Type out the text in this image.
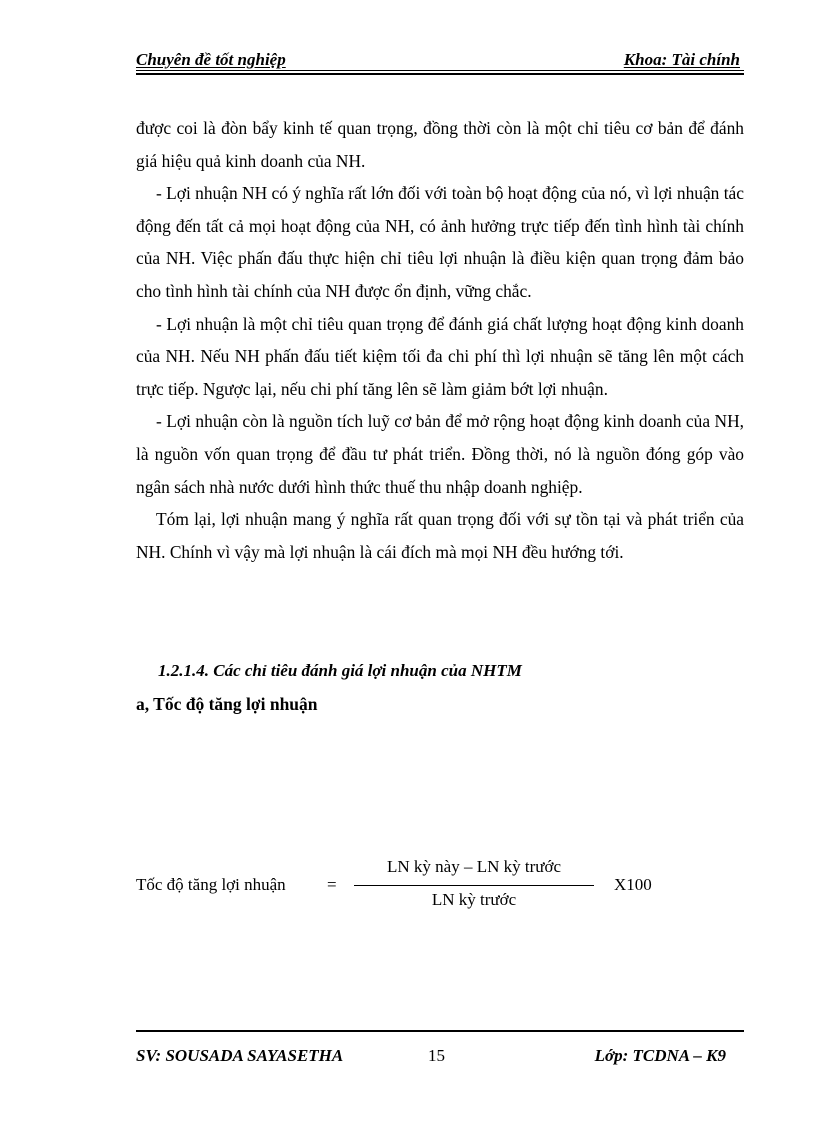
Chuyên đề tốt nghiệp	Khoa: Tài chính

được coi là đòn bẩy kinh tế quan trọng, đồng thời còn là một chỉ tiêu cơ bản để đánh giá hiệu quả kinh doanh của NH.

- Lợi nhuận NH có ý nghĩa rất lớn đối với toàn bộ hoạt động của nó, vì lợi nhuận tác động đến tất cả mọi hoạt động của NH, có ảnh hưởng trực tiếp đến tình hình tài chính của NH. Việc phấn đấu thực hiện chỉ tiêu lợi nhuận là điều kiện quan trọng đảm bảo cho tình hình tài chính của NH được ổn định, vững chắc.

- Lợi nhuận là một chỉ tiêu quan trọng để đánh giá chất lượng hoạt động kinh doanh của NH. Nếu NH phấn đấu tiết kiệm tối đa chi phí thì lợi nhuận sẽ tăng lên một cách trực tiếp. Ngược lại, nếu chi phí tăng lên sẽ làm giảm bớt lợi nhuận.

- Lợi nhuận còn là nguồn tích luỹ cơ bản để mở rộng hoạt động kinh doanh của NH, là nguồn vốn quan trọng để đầu tư phát triển. Đồng thời, nó là nguồn đóng góp vào ngân sách nhà nước dưới hình thức thuế thu nhập doanh nghiệp.

Tóm lại, lợi nhuận mang ý nghĩa rất quan trọng đối với sự tồn tại và phát triển của NH. Chính vì vậy mà lợi nhuận là cái đích mà mọi NH đều hướng tới.

1.2.1.4. Các chỉ tiêu đánh giá lợi nhuận của NHTM
a, Tốc độ tăng lợi nhuận
Tốc độ tăng lợi nhuận =
LN kỳ này – LN kỳ trước
LN kỳ trước
X100
SV: SOUSADA SAYASETHA	15	Lớp: TCDNA – K9
